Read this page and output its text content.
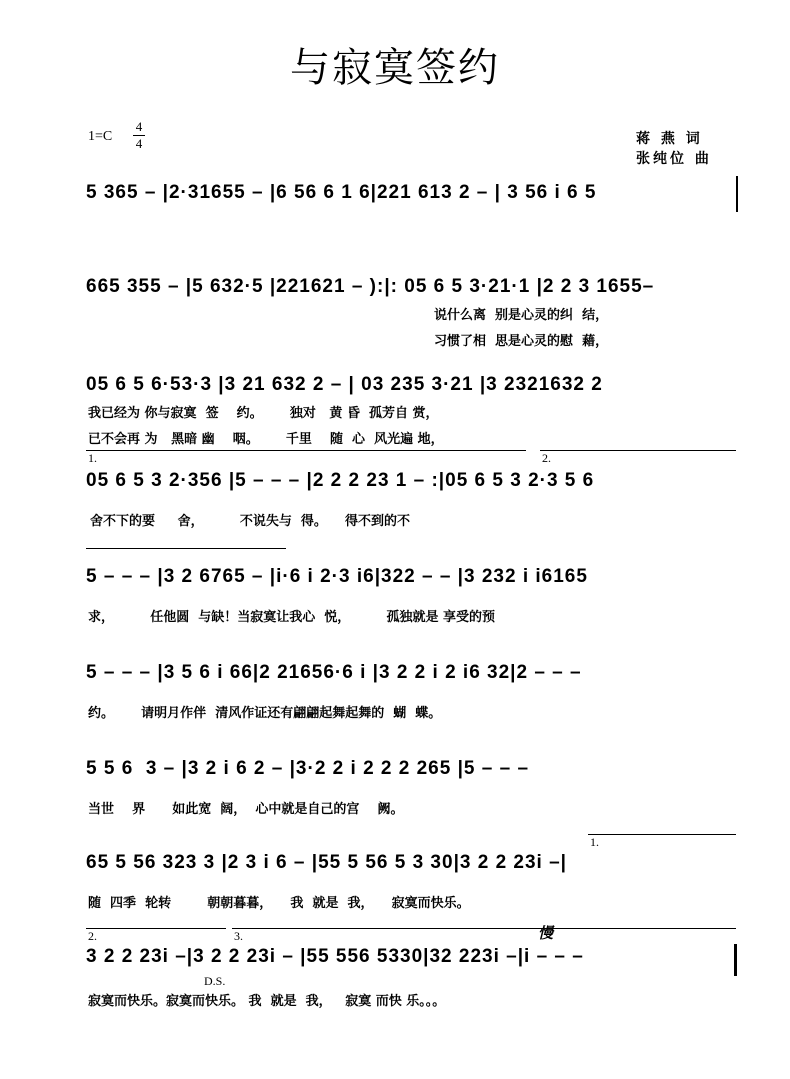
与寂寞签约
1=C
4
4	蒋 燕 词
张纯位 曲
5 365 – |2·31655 – |6 56 6 1 6|221 613 2 – | 3 56 i 6 5
665 355 – |5 632·5 |221621 – ):|: 05 6 5 3·21·1 |2 2 3 1655–
说什么离  别是心灵的纠  结，
习惯了相  思是心灵的慰  藉，
05 6 5 6·53·3 |3 21 632 2 – | 03 235 3·21 |3 2321632 2
我已经为 你与寂寞  签    约。      独对   黄 昏  孤芳自 赏，
已不会再 为   黑暗 幽    咽。      千里    随  心  风光遍 地，
1.	2.
05 6 5 3 2·356 |5 – – – |2 2 2 23 1 – :|05 6 5 3 2·3 5 6
舍不下的要     舍，        不说失与  得。    得不到的不
5 – – – |3 2 6765 – |i·6 i 2·3 i6|322 – – |3 232 i i6165
求，        任他圆  与缺！当寂寞让我心  悦，        孤独就是 享受的预
5 – – – |3 5 6 i 66|2 21656·6 i |3 2 2 i 2 i6 32|2 – – –
约。      请明月作伴  清风作证还有翩翩起舞起舞的  蝴  蝶。
5 5 6  3 – |3 2 i 6 2 – |3·2 2 i 2 2 2 265 |5 – – –
当世    界      如此宽  阔，  心中就是自己的宫    阙。
1.
65 5 56 323 3 |2 3 i 6 – |55 5 56 5 3 30|3 2 2 23i –|
随  四季  轮转        朝朝暮暮，    我  就是  我，    寂寞而快乐。
2.	3.	慢
3 2 2 23i –|3 2 2 23i – |55 556 5330|32 223i –|i – – –
D.S.
寂寞而快乐。寂寞而快乐。 我  就是  我，   寂寞 而快 乐。。。
